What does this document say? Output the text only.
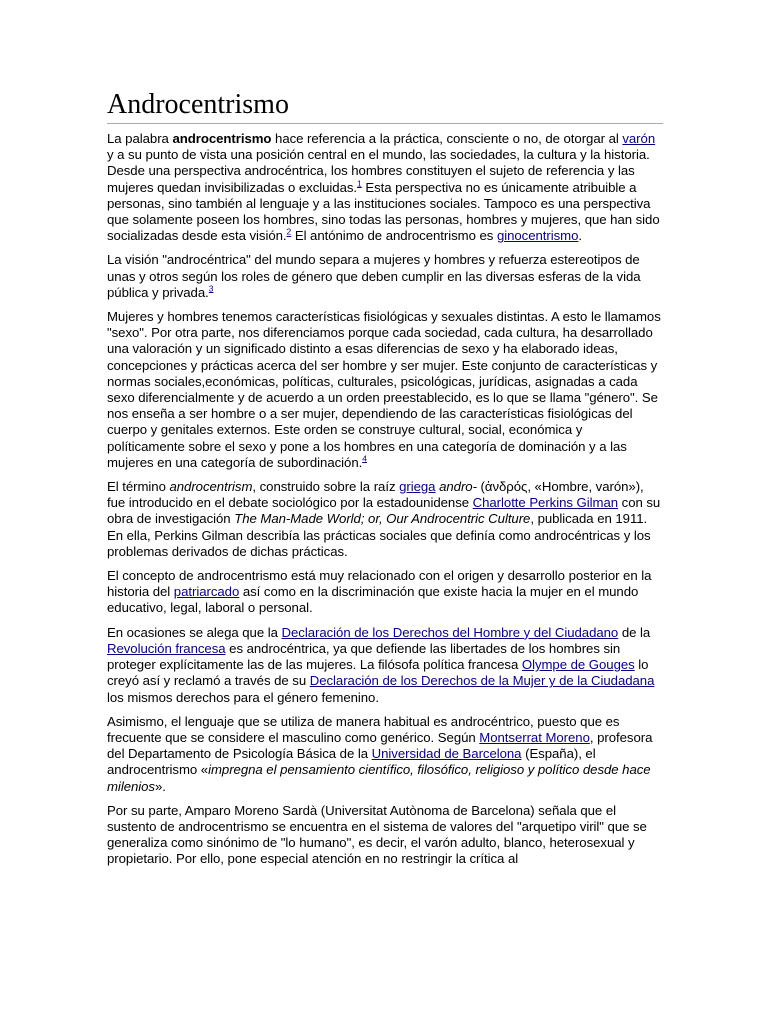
Androcentrismo

La palabra androcentrismo hace referencia a la práctica, consciente o no, de otorgar al varón y a su punto de vista una posición central en el mundo, las sociedades, la cultura y la historia. Desde una perspectiva androcéntrica, los hombres constituyen el sujeto de referencia y las mujeres quedan invisibilizadas o excluidas.$^1$ Esta perspectiva no es únicamente atribuible a personas, sino también al lenguaje y a las instituciones sociales. Tampoco es una perspectiva que solamente poseen los hombres, sino todas las personas, hombres y mujeres, que han sido socializadas desde esta visión.$^2$ El antónimo de androcentrismo es ginocentrismo.

La visión "androcéntrica" del mundo separa a mujeres y hombres y refuerza estereotipos de unas y otros según los roles de género que deben cumplir en las diversas esferas de la vida pública y privada.$^3$

Mujeres y hombres tenemos características fisiológicas y sexuales distintas. A esto le llamamos "sexo". Por otra parte, nos diferenciamos porque cada sociedad, cada cultura, ha desarrollado una valoración y un significado distinto a esas diferencias de sexo y ha elaborado ideas, concepciones y prácticas acerca del ser hombre y ser mujer. Este conjunto de características y normas sociales,económicas, políticas, culturales, psicológicas, jurídicas, asignadas a cada sexo diferencialmente y de acuerdo a un orden preestablecido, es lo que se llama "género". Se nos enseña a ser hombre o a ser mujer, dependiendo de las características fisiológicas del cuerpo y genitales externos. Este orden se construye cultural, social, económica y políticamente sobre el sexo y pone a los hombres en una categoría de dominación y a las mujeres en una categoría de subordinación.$^4$

El término androcentrism, construido sobre la raíz griega andro- (ἀνδρός, «Hombre, varón»), fue introducido en el debate sociológico por la estadounidense Charlotte Perkins Gilman con su obra de investigación The Man-Made World; or, Our Androcentric Culture, publicada en 1911. En ella, Perkins Gilman describía las prácticas sociales que definía como androcéntricas y los problemas derivados de dichas prácticas.

El concepto de androcentrismo está muy relacionado con el origen y desarrollo posterior en la historia del patriarcado así como en la discriminación que existe hacia la mujer en el mundo educativo, legal, laboral o personal.

En ocasiones se alega que la Declaración de los Derechos del Hombre y del Ciudadano de la Revolución francesa es androcéntrica, ya que defiende las libertades de los hombres sin proteger explícitamente las de las mujeres. La filósofa política francesa Olympe de Gouges lo creyó así y reclamó a través de su Declaración de los Derechos de la Mujer y de la Ciudadana los mismos derechos para el género femenino.

Asimismo, el lenguaje que se utiliza de manera habitual es androcéntrico, puesto que es frecuente que se considere el masculino como genérico. Según Montserrat Moreno, profesora del Departamento de Psicología Básica de la Universidad de Barcelona (España), el androcentrismo «impregna el pensamiento científico, filosófico, religioso y político desde hace milenios».

Por su parte, Amparo Moreno Sardà (Universitat Autònoma de Barcelona) señala que el sustento de androcentrismo se encuentra en el sistema de valores del "arquetipo viril" que se generaliza como sinónimo de "lo humano", es decir, el varón adulto, blanco, heterosexual y propietario. Por ello, pone especial atención en no restringir la crítica al
